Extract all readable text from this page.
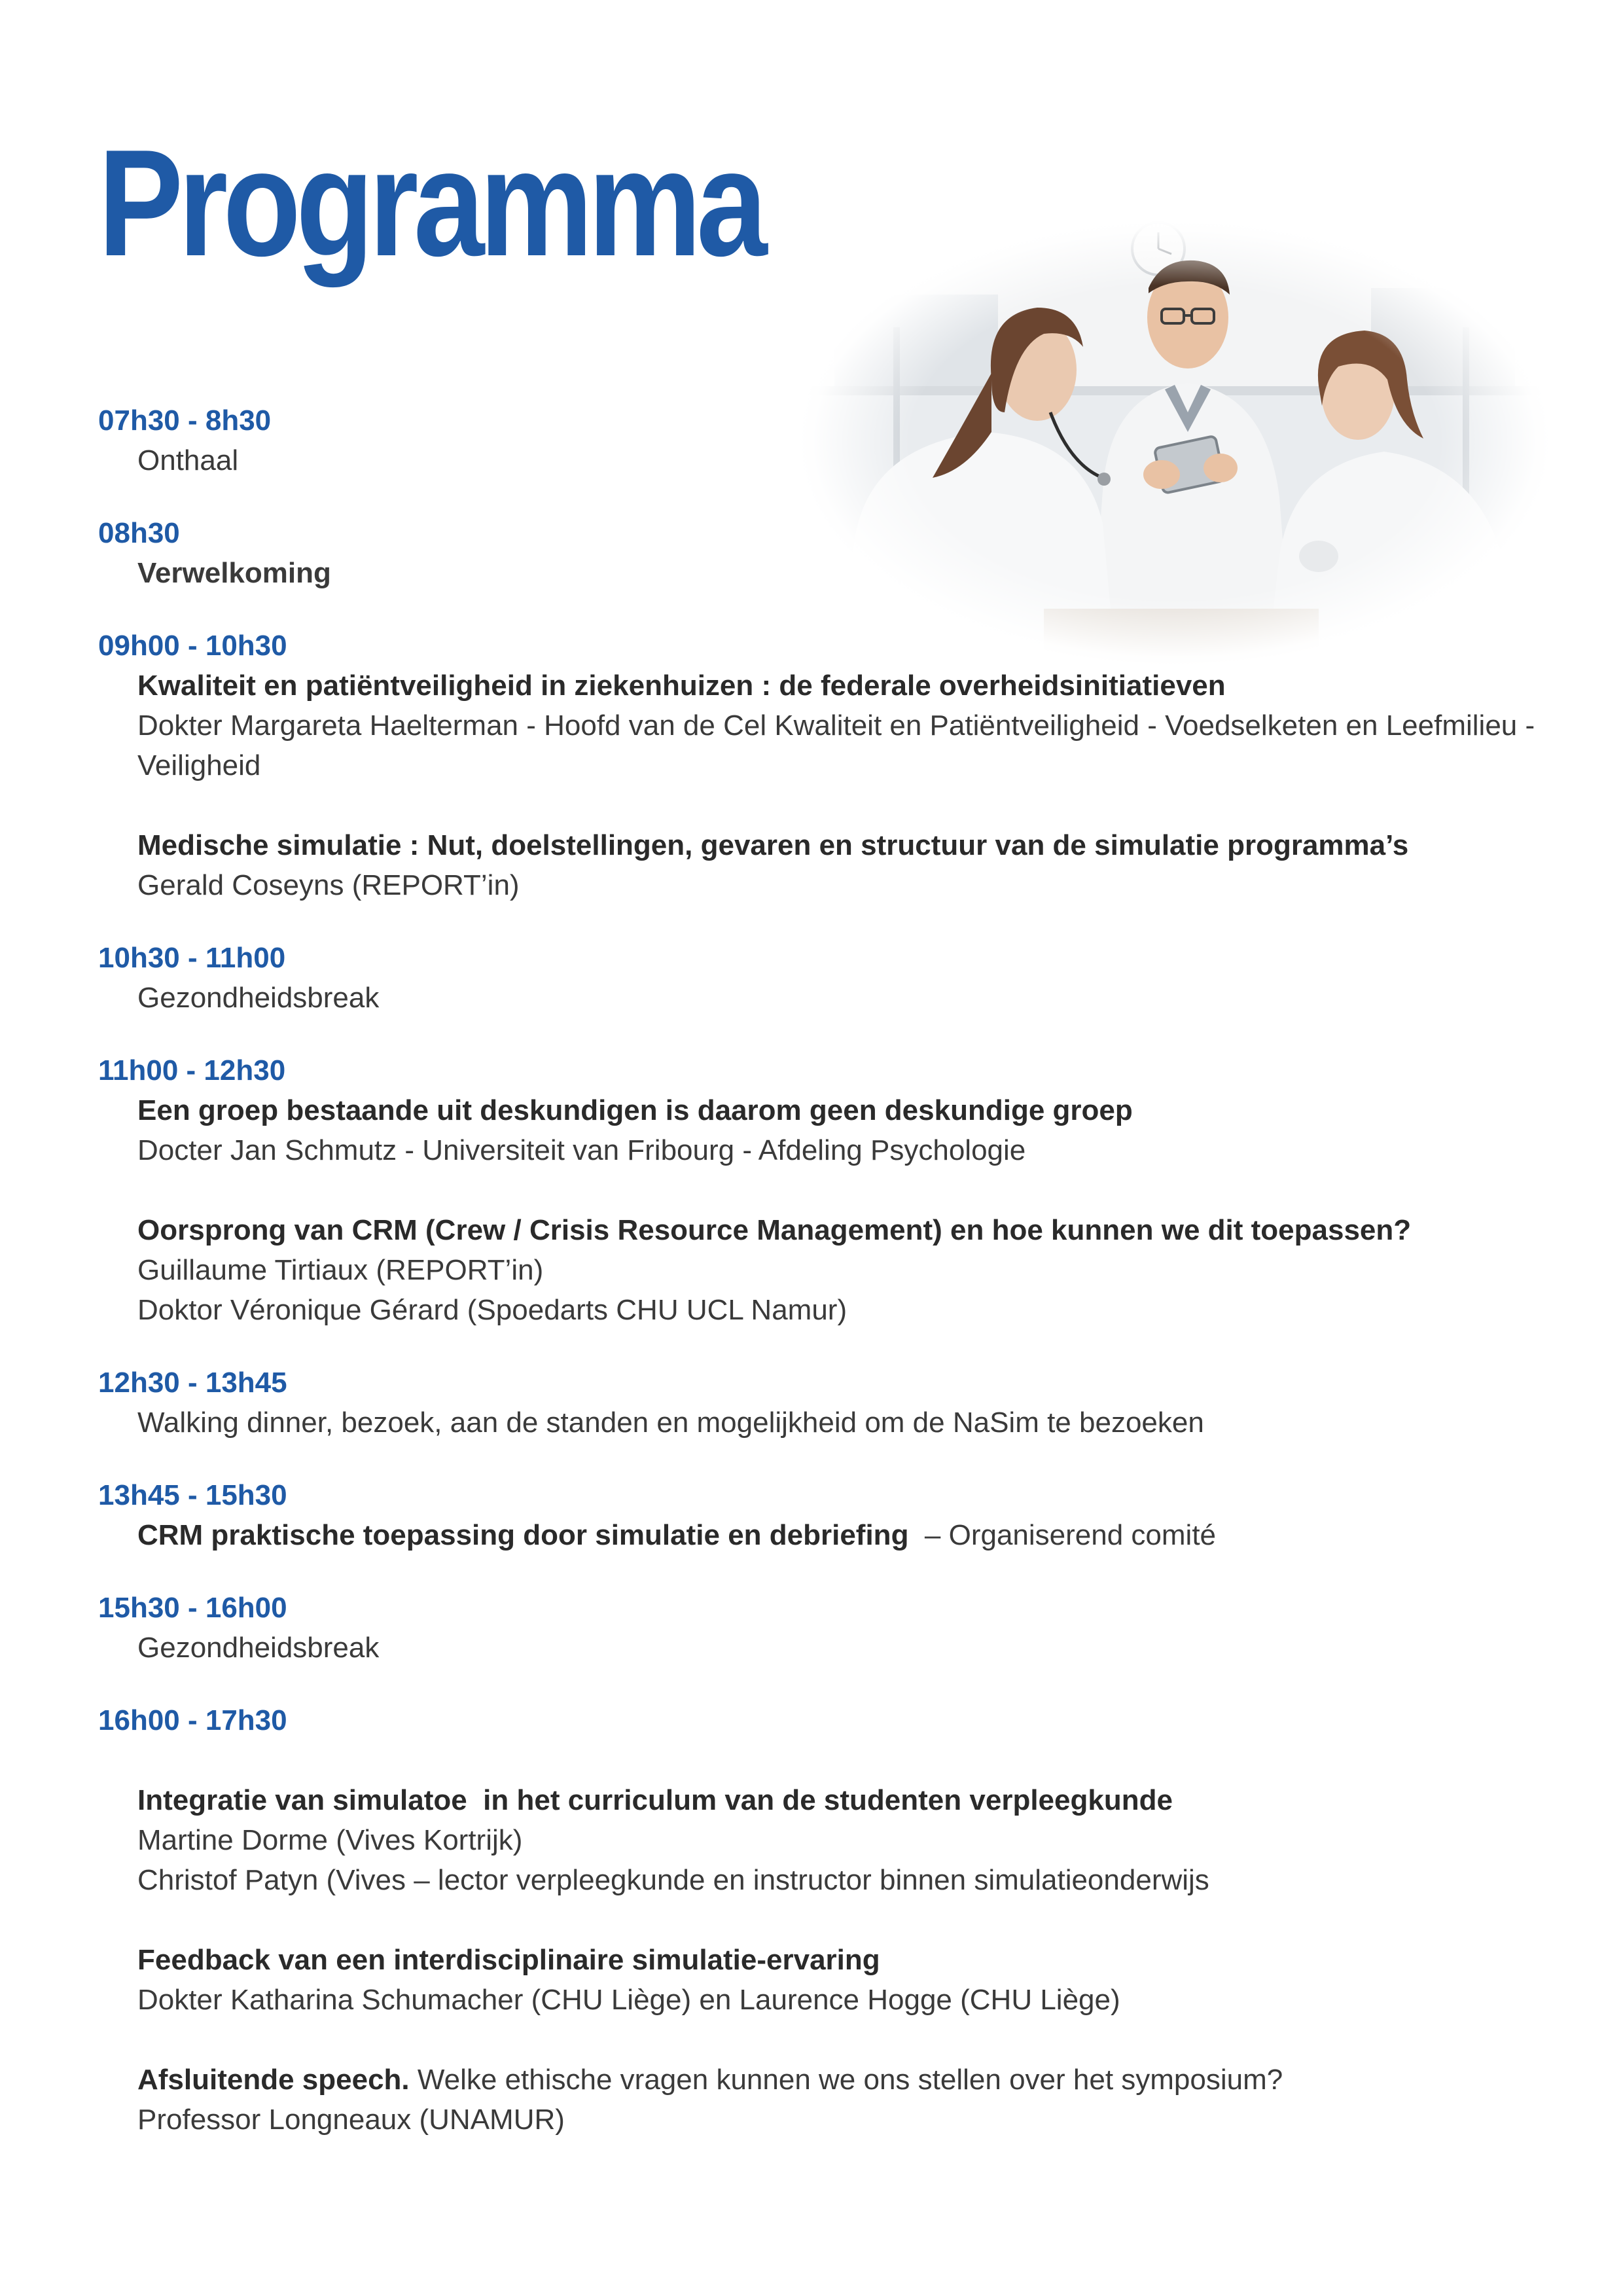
Programma
07h30 - 8h30
Onthaal
08h30
Verwelkoming
09h00 - 10h30
Kwaliteit en patiëntveiligheid in ziekenhuizen : de federale overheidsinitiatieven
Dokter Margareta Haelterman - Hoofd van de Cel Kwaliteit en Patiëntveiligheid - Voedselketen en Leefmilieu - Veiligheid
Medische simulatie : Nut, doelstellingen, gevaren en structuur van de simulatie programma’s
Gerald Coseyns (REPORT’in)
10h30 - 11h00
Gezondheidsbreak
11h00 - 12h30
Een groep bestaande uit deskundigen is daarom geen deskundige groep
Docter Jan Schmutz - Universiteit van Fribourg - Afdeling Psychologie
Oorsprong van CRM (Crew / Crisis Resource Management) en hoe kunnen we dit toepassen?
Guillaume Tirtiaux (REPORT’in)
Doktor Véronique Gérard (Spoedarts CHU UCL Namur)
12h30 - 13h45
Walking dinner, bezoek, aan de standen en mogelijkheid om de NaSim te bezoeken
13h45 - 15h30
CRM praktische toepassing door simulatie en debriefing  – Organiserend comité
15h30 - 16h00
Gezondheidsbreak
16h00 - 17h30
Integratie van simulatoe  in het curriculum van de studenten verpleegkunde
Martine Dorme (Vives Kortrijk)
Christof Patyn (Vives – lector verpleegkunde en instructor binnen simulatieonderwijs
Feedback van een interdisciplinaire simulatie-ervaring
Dokter Katharina Schumacher (CHU Liège) en Laurence Hogge (CHU Liège)
Afsluitende speech. Welke ethische vragen kunnen we ons stellen over het symposium?
Professor Longneaux (UNAMUR)
